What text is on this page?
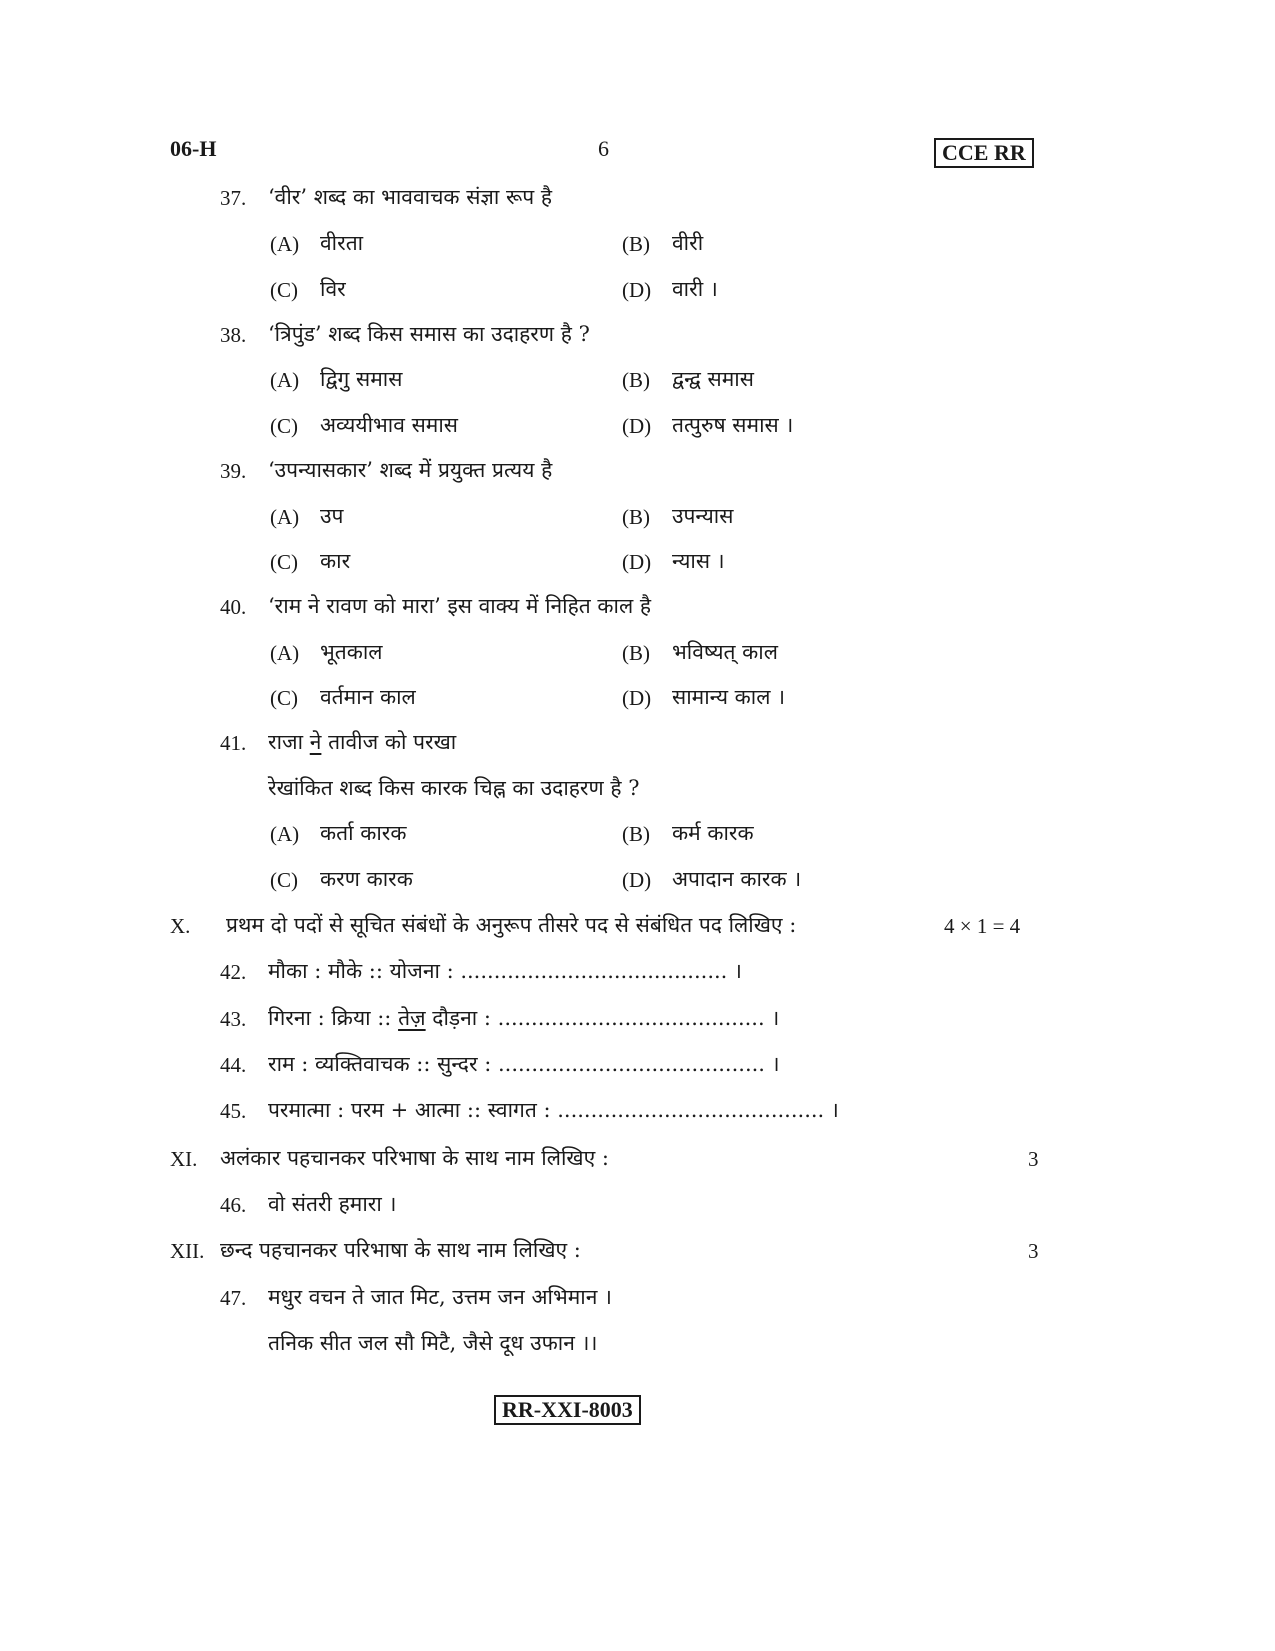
06-H	6	CCE RR
37. ‘वीर’ शब्द का भाववाचक संज्ञा रूप है
(A) वीरता	(B) वीरी
(C) विर	(D) वारी ।
38. ‘त्रिपुंड’ शब्द किस समास का उदाहरण है ?
(A) द्विगु समास	(B) द्वन्द्व समास
(C) अव्ययीभाव समास	(D) तत्पुरुष समास ।
39. ‘उपन्यासकार’ शब्द में प्रयुक्त प्रत्यय है
(A) उप	(B) उपन्यास
(C) कार	(D) न्यास ।
40. ‘राम ने रावण को मारा’ इस वाक्य में निहित काल है
(A) भूतकाल	(B) भविष्यत् काल
(C) वर्तमान काल	(D) सामान्य काल ।
41. राजा ने तावीज को परखा
रेखांकित शब्द किस कारक चिह्न का उदाहरण है ?
(A) कर्ता कारक	(B) कर्म कारक
(C) करण कारक	(D) अपादान कारक ।
X. प्रथम दो पदों से सूचित संबंधों के अनुरूप तीसरे पद से संबंधित पद लिखिए :	4 × 1 = 4
42. मौका : मौके :: योजना : ........................................ ।
43. गिरना : क्रिया :: तेज़ दौड़ना : ........................................ ।
44. राम : व्यक्तिवाचक :: सुन्दर : ........................................ ।
45. परमात्मा : परम + आत्मा :: स्वागत : ........................................ ।
XI. अलंकार पहचानकर परिभाषा के साथ नाम लिखिए :	3
46. वो संतरी हमारा ।
XII. छन्द पहचानकर परिभाषा के साथ नाम लिखिए :	3
47. मधुर वचन ते जात मिट, उत्तम जन अभिमान ।
तनिक सीत जल सौ मिटै, जैसे दूध उफान ।।
RR-XXI-8003
